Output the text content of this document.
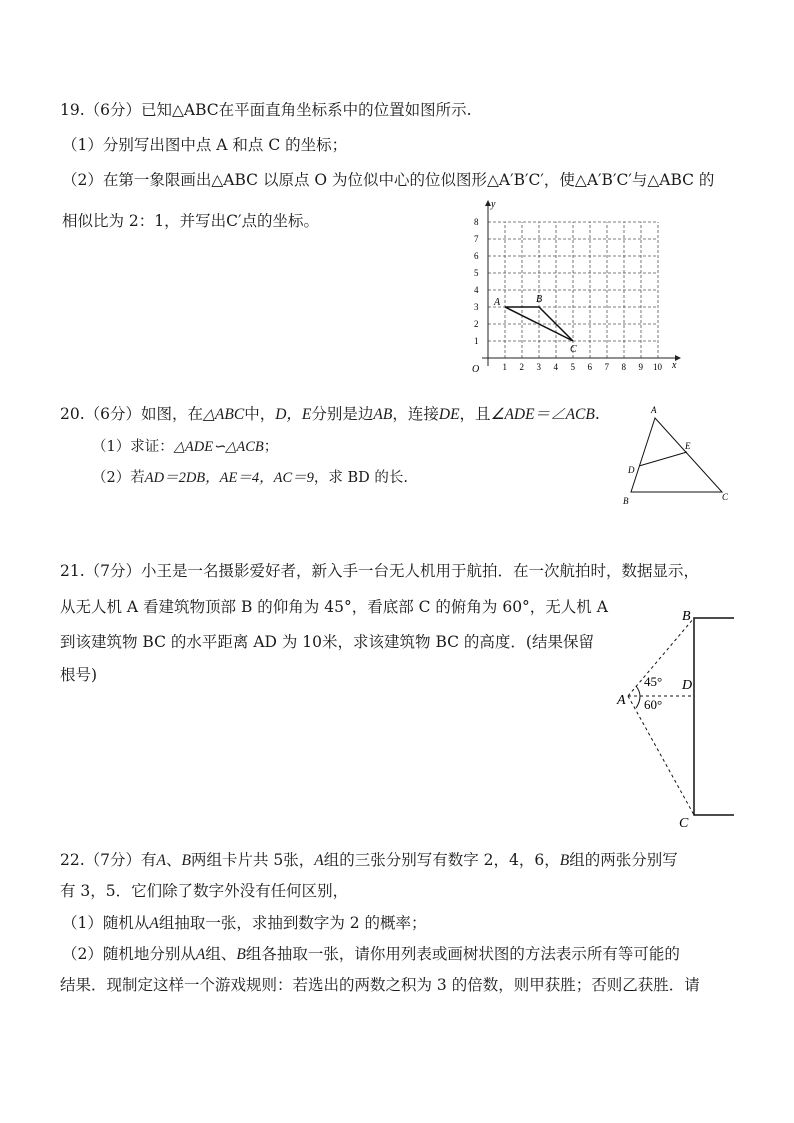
19.（6分）已知△ABC在平面直角坐标系中的位置如图所示.
（1）分别写出图中点 A 和点 C 的坐标；
（2）在第一象限画出△ABC 以原点 O 为位似中心的位似图形△A′B′C′，使△A′B′C′与△ABC 的
相似比为 2：1，并写出C′点的坐标。
1 2 3 4 5 6 7 8 9 10
1
2
3
4
5
6
7
8
O	x
y
A	B
C
20.（6分）如图，在△ABC中，D，E分别是边AB，连接DE，且∠ADE＝∠ACB.
（1）求证：△ADE∽△ACB；
（2）若AD＝2DB，AE＝4，AC＝9，求 BD 的长.
A
B	C
D
E
21.（7分）小王是一名摄影爱好者，新入手一台无人机用于航拍．在一次航拍时，数据显示，
从无人机 A 看建筑物顶部 B 的仰角为 45°，看底部 C 的俯角为 60°，无人机 A
到该建筑物 BC 的水平距离 AD 为 10米，求该建筑物 BC 的高度．(结果保留
根号)
A
B
C
D
45°
60°
22.（7分）有A、B两组卡片共 5张，A组的三张分别写有数字 2，4，6，B组的两张分别写
有 3，5．它们除了数字外没有任何区别，
（1）随机从A组抽取一张，求抽到数字为 2 的概率；
（2）随机地分别从A组、B组各抽取一张，请你用列表或画树状图的方法表示所有等可能的
结果．现制定这样一个游戏规则：若选出的两数之积为 3 的倍数，则甲获胜；否则乙获胜．请
